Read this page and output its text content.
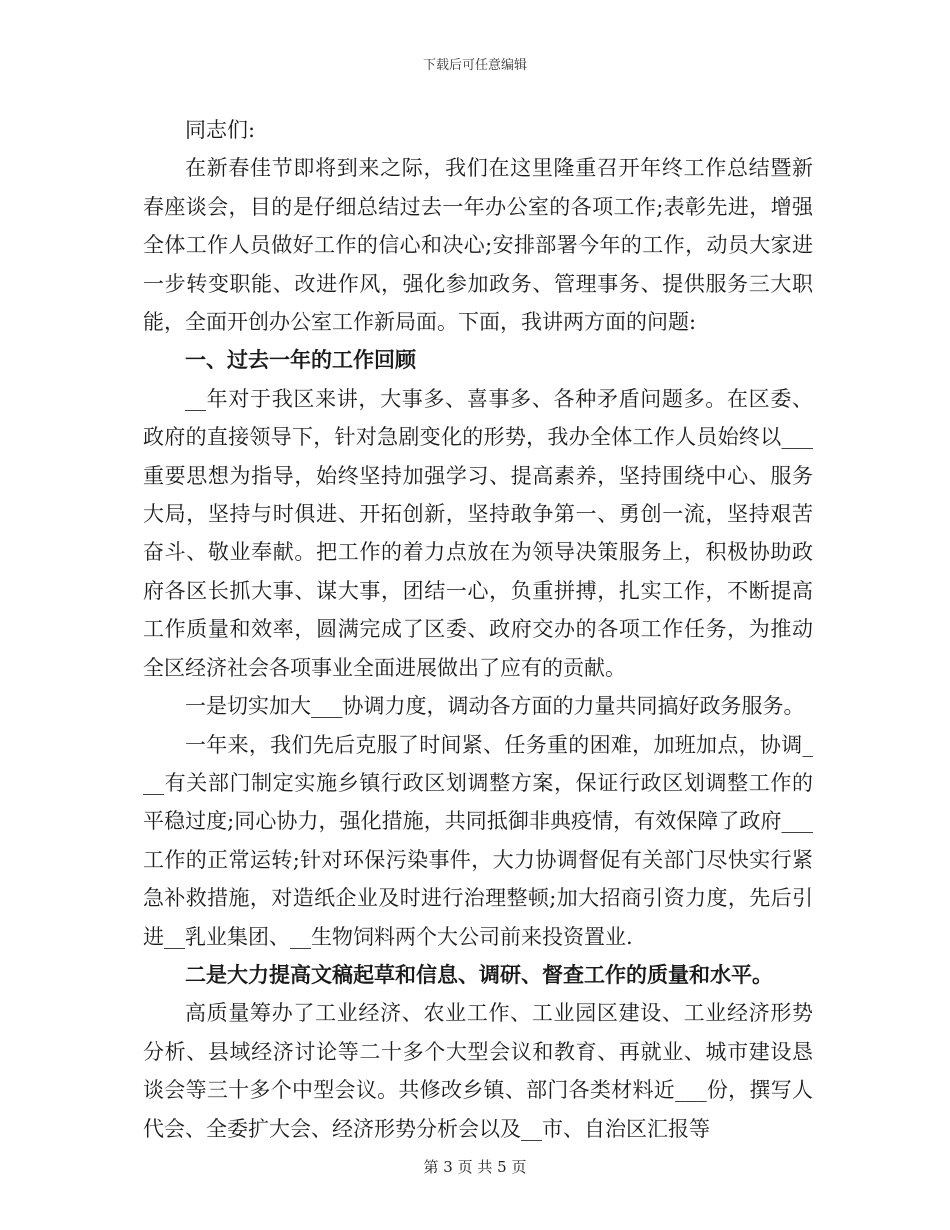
下载后可任意编辑

同志们:

在新春佳节即将到来之际，我们在这里隆重召开年终工作总结暨新春座谈会，目的是仔细总结过去一年办公室的各项工作;表彰先进，增强全体工作人员做好工作的信心和决心;安排部署今年的工作，动员大家进一步转变职能、改进作风，强化参加政务、管理事务、提供服务三大职能，全面开创办公室工作新局面。下面，我讲两方面的问题:

一、过去一年的工作回顾

__年对于我区来讲，大事多、喜事多、各种矛盾问题多。在区委、政府的直接领导下，针对急剧变化的形势，我办全体工作人员始终以___重要思想为指导，始终坚持加强学习、提高素养，坚持围绕中心、服务大局，坚持与时俱进、开拓创新，坚持敢争第一、勇创一流，坚持艰苦奋斗、敬业奉献。把工作的着力点放在为领导决策服务上，积极协助政府各区长抓大事、谋大事，团结一心，负重拼搏，扎实工作，不断提高工作质量和效率，圆满完成了区委、政府交办的各项工作任务，为推动全区经济社会各项事业全面进展做出了应有的贡献。

一是切实加大___协调力度，调动各方面的力量共同搞好政务服务。

一年来，我们先后克服了时间紧、任务重的困难，加班加点，协调___有关部门制定实施乡镇行政区划调整方案，保证行政区划调整工作的平稳过度;同心协力，强化措施，共同抵御非典疫情，有效保障了政府___工作的正常运转;针对环保污染事件，大力协调督促有关部门尽快实行紧急补救措施，对造纸企业及时进行治理整顿;加大招商引资力度，先后引进__乳业集团、__生物饲料两个大公司前来投资置业.

二是大力提高文稿起草和信息、调研、督查工作的质量和水平。

高质量筹办了工业经济、农业工作、工业园区建设、工业经济形势分析、县域经济讨论等二十多个大型会议和教育、再就业、城市建设恳谈会等三十多个中型会议。共修改乡镇、部门各类材料近___份，撰写人代会、全委扩大会、经济形势分析会以及__市、自治区汇报等

第 3 页 共 5 页
